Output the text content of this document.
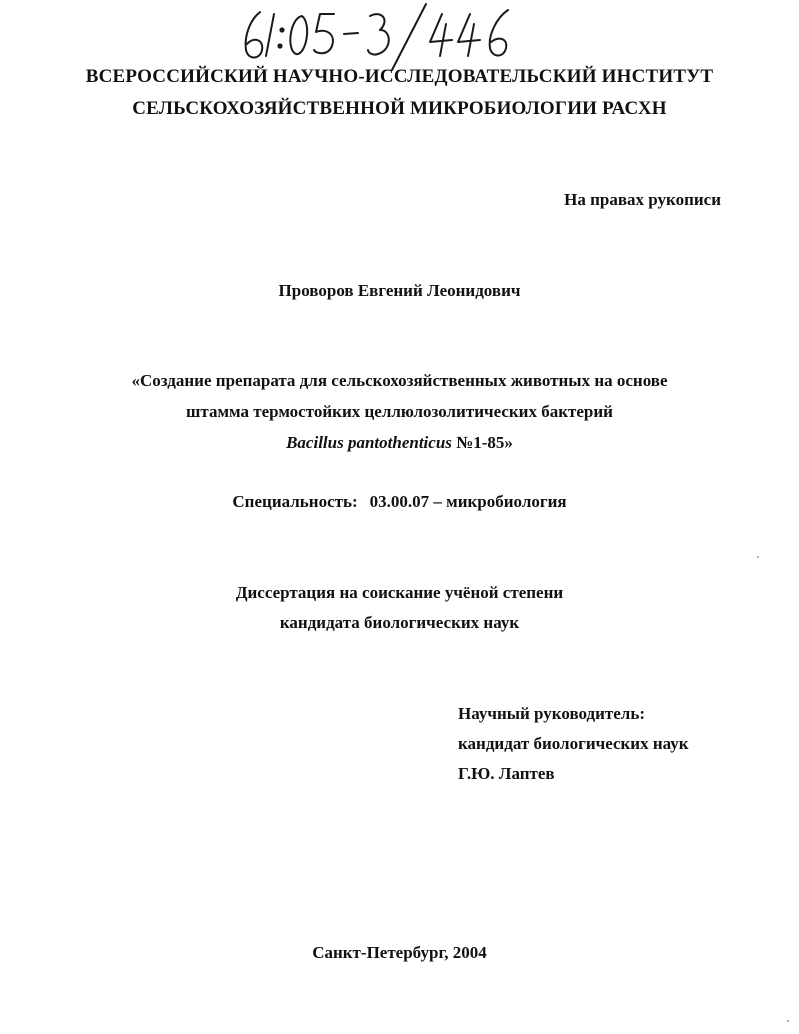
ВСЕРОССИЙСКИЙ НАУЧНО-ИССЛЕДОВАТЕЛЬСКИЙ ИНСТИТУТ
СЕЛЬСКОХОЗЯЙСТВЕННОЙ МИКРОБИОЛОГИИ РАСХН
На правах рукописи
Проворов Евгений Леонидович
«Создание препарата для сельскохозяйственных животных на основе
штамма термостойких целлюлозолитических бактерий
Bacillus pantothenticus №1-85»
Специальность: 03.00.07 – микробиология
Диссертация на соискание учёной степени
кандидата биологических наук
Научный руководитель:
кандидат биологических наук
Г.Ю. Лаптев
Санкт-Петербург, 2004
